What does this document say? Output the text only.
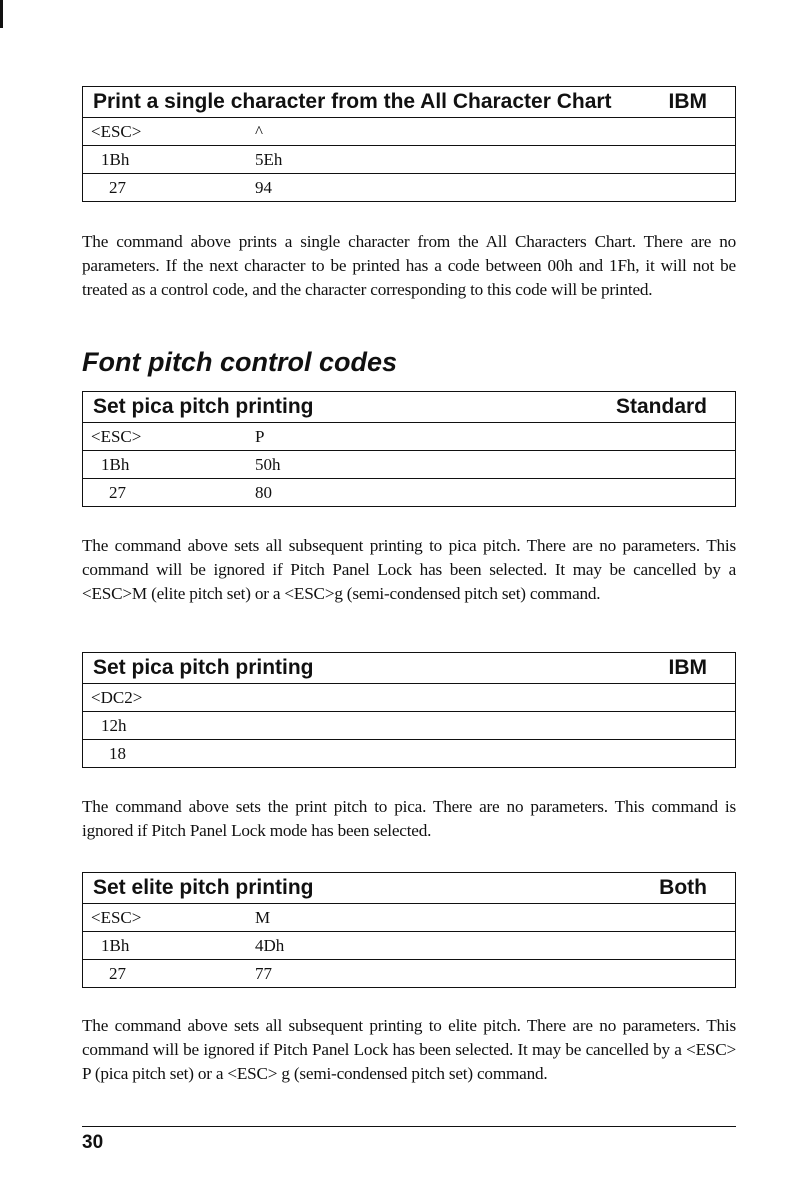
Print a single character from the All Character Chart	IBM
<ESC>	^
1Bh	5Eh
27	94
The command above prints a single character from the All Characters Chart. There are no parameters. If the next character to be printed has a code between 00h and 1Fh, it will not be treated as a control code, and the character corresponding to this code will be printed.
Font pitch control codes
Set pica pitch printing	Standard
<ESC>	P
1Bh	50h
27	80
The command above sets all subsequent printing to pica pitch. There are no parameters. This command will be ignored if Pitch Panel Lock has been selected. It may be cancelled by a <ESC>M (elite pitch set) or a <ESC>g (semi-condensed pitch set) command.
Set pica pitch printing	IBM
<DC2>
12h
18
The command above sets the print pitch to pica. There are no parameters. This command is ignored if Pitch Panel Lock mode has been selected.
Set elite pitch printing	Both
<ESC>	M
1Bh	4Dh
27	77
The command above sets all subsequent printing to elite pitch. There are no parameters. This command will be ignored if Pitch Panel Lock has been selected. It may be cancelled by a <ESC> P (pica pitch set) or a <ESC> g (semi-condensed pitch set) command.
30
